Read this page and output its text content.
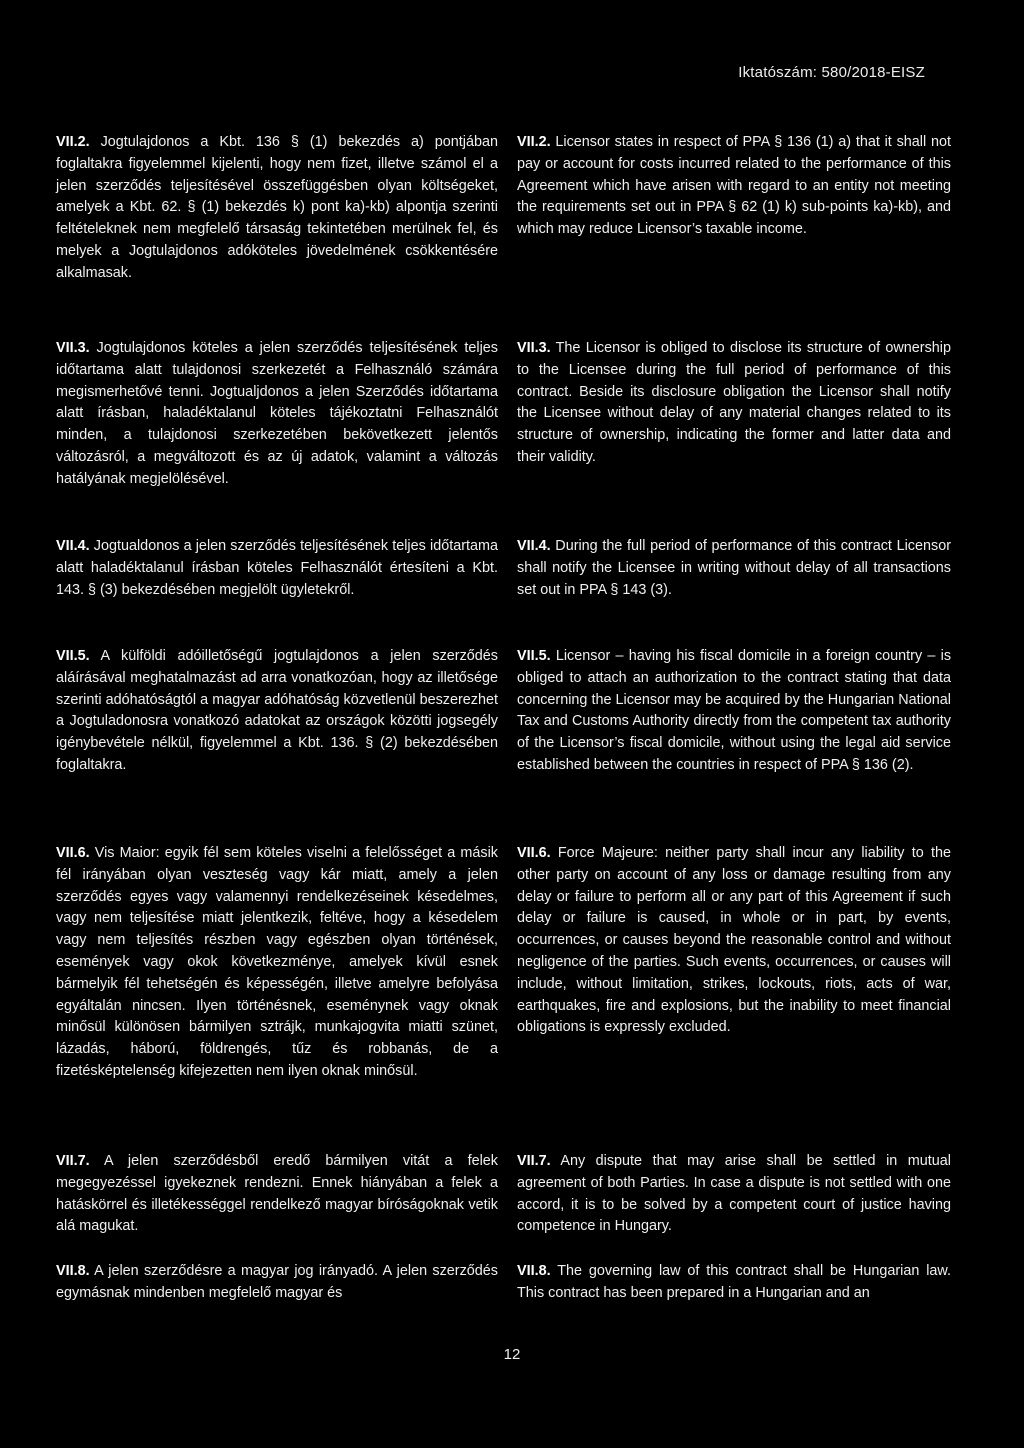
Iktatószám: 580/2018-EISZ

VII.2. Jogtulajdonos a Kbt. 136 § (1) bekezdés a) pontjában foglaltakra figyelemmel kijelenti, hogy nem fizet, illetve számol el a jelen szerződés teljesítésével összefüggésben olyan költségeket, amelyek a Kbt. 62. § (1) bekezdés k) pont ka)-kb) alpontja szerinti feltételeknek nem megfelelő társaság tekintetében merülnek fel, és melyek a Jogtulajdonos adóköteles jövedelmének csökkentésére alkalmasak.

VII.3. Jogtulajdonos köteles a jelen szerződés teljesítésének teljes időtartama alatt tulajdonosi szerkezetét a Felhasználó számára megismerhetővé tenni. Jogtualjdonos a jelen Szerződés időtartama alatt írásban, haladéktalanul köteles tájékoztatni Felhasználót minden, a tulajdonosi szerkezetében bekövetkezett jelentős változásról, a megváltozott és az új adatok, valamint a változás hatályának megjelölésével.

VII.4. Jogtualdonos a jelen szerződés teljesítésének teljes időtartama alatt haladéktalanul írásban köteles Felhasználót értesíteni a Kbt. 143. § (3) bekezdésében megjelölt ügyletekről.

VII.5. A külföldi adóilletőségű jogtulajdonos a jelen szerződés aláírásával meghatalmazást ad arra vonatkozóan, hogy az illetősége szerinti adóhatóságtól a magyar adóhatóság közvetlenül beszerezhet a Jogtuladonosra vonatkozó adatokat az országok közötti jogsegély igénybevétele nélkül, figyelemmel a Kbt. 136. § (2) bekezdésében foglaltakra.

VII.6. Vis Maior: egyik fél sem köteles viselni a felelősséget a másik fél irányában olyan veszteség vagy kár miatt, amely a jelen szerződés egyes vagy valamennyi rendelkezéseinek késedelmes, vagy nem teljesítése miatt jelentkezik, feltéve, hogy a késedelem vagy nem teljesítés részben vagy egészben olyan történések, események vagy okok következménye, amelyek kívül esnek bármelyik fél tehetségén és képességén, illetve amelyre befolyása egyáltalán nincsen. Ilyen történésnek, eseménynek vagy oknak minősül különösen bármilyen sztrájk, munkajogvita miatti szünet, lázadás, háború, földrengés, tűz és robbanás, de a fizetésképtelenség kifejezetten nem ilyen oknak minősül.

VII.7. A jelen szerződésből eredő bármilyen vitát a felek megegyezéssel igyekeznek rendezni. Ennek hiányában a felek a hatáskörrel és illetékességgel rendelkező magyar bíróságoknak vetik alá magukat.

VII.8. A jelen szerződésre a magyar jog irányadó. A jelen szerződés egymásnak mindenben megfelelő magyar és

VII.2. Licensor states in respect of PPA § 136 (1) a) that it shall not pay or account for costs incurred related to the performance of this Agreement which have arisen with regard to an entity not meeting the requirements set out in PPA § 62 (1) k) sub-points ka)-kb), and which may reduce Licensor’s taxable income.

VII.3. The Licensor is obliged to disclose its structure of ownership to the Licensee during the full period of performance of this contract. Beside its disclosure obligation the Licensor shall notify the Licensee without delay of any material changes related to its structure of ownership, indicating the former and latter data and their validity.

VII.4. During the full period of performance of this contract Licensor shall notify the Licensee in writing without delay of all transactions set out in PPA § 143 (3).

VII.5. Licensor – having his fiscal domicile in a foreign country – is obliged to attach an authorization to the contract stating that data concerning the Licensor may be acquired by the Hungarian National Tax and Customs Authority directly from the competent tax authority of the Licensor’s fiscal domicile, without using the legal aid service established between the countries in respect of PPA § 136 (2).

VII.6. Force Majeure: neither party shall incur any liability to the other party on account of any loss or damage resulting from any delay or failure to perform all or any part of this Agreement if such delay or failure is caused, in whole or in part, by events, occurrences, or causes beyond the reasonable control and without negligence of the parties. Such events, occurrences, or causes will include, without limitation, strikes, lockouts, riots, acts of war, earthquakes, fire and explosions, but the inability to meet financial obligations is expressly excluded.

VII.7. Any dispute that may arise shall be settled in mutual agreement of both Parties. In case a dispute is not settled with one accord, it is to be solved by a competent court of justice having competence in Hungary.

VII.8. The governing law of this contract shall be Hungarian law. This contract has been prepared in a Hungarian and an

12
